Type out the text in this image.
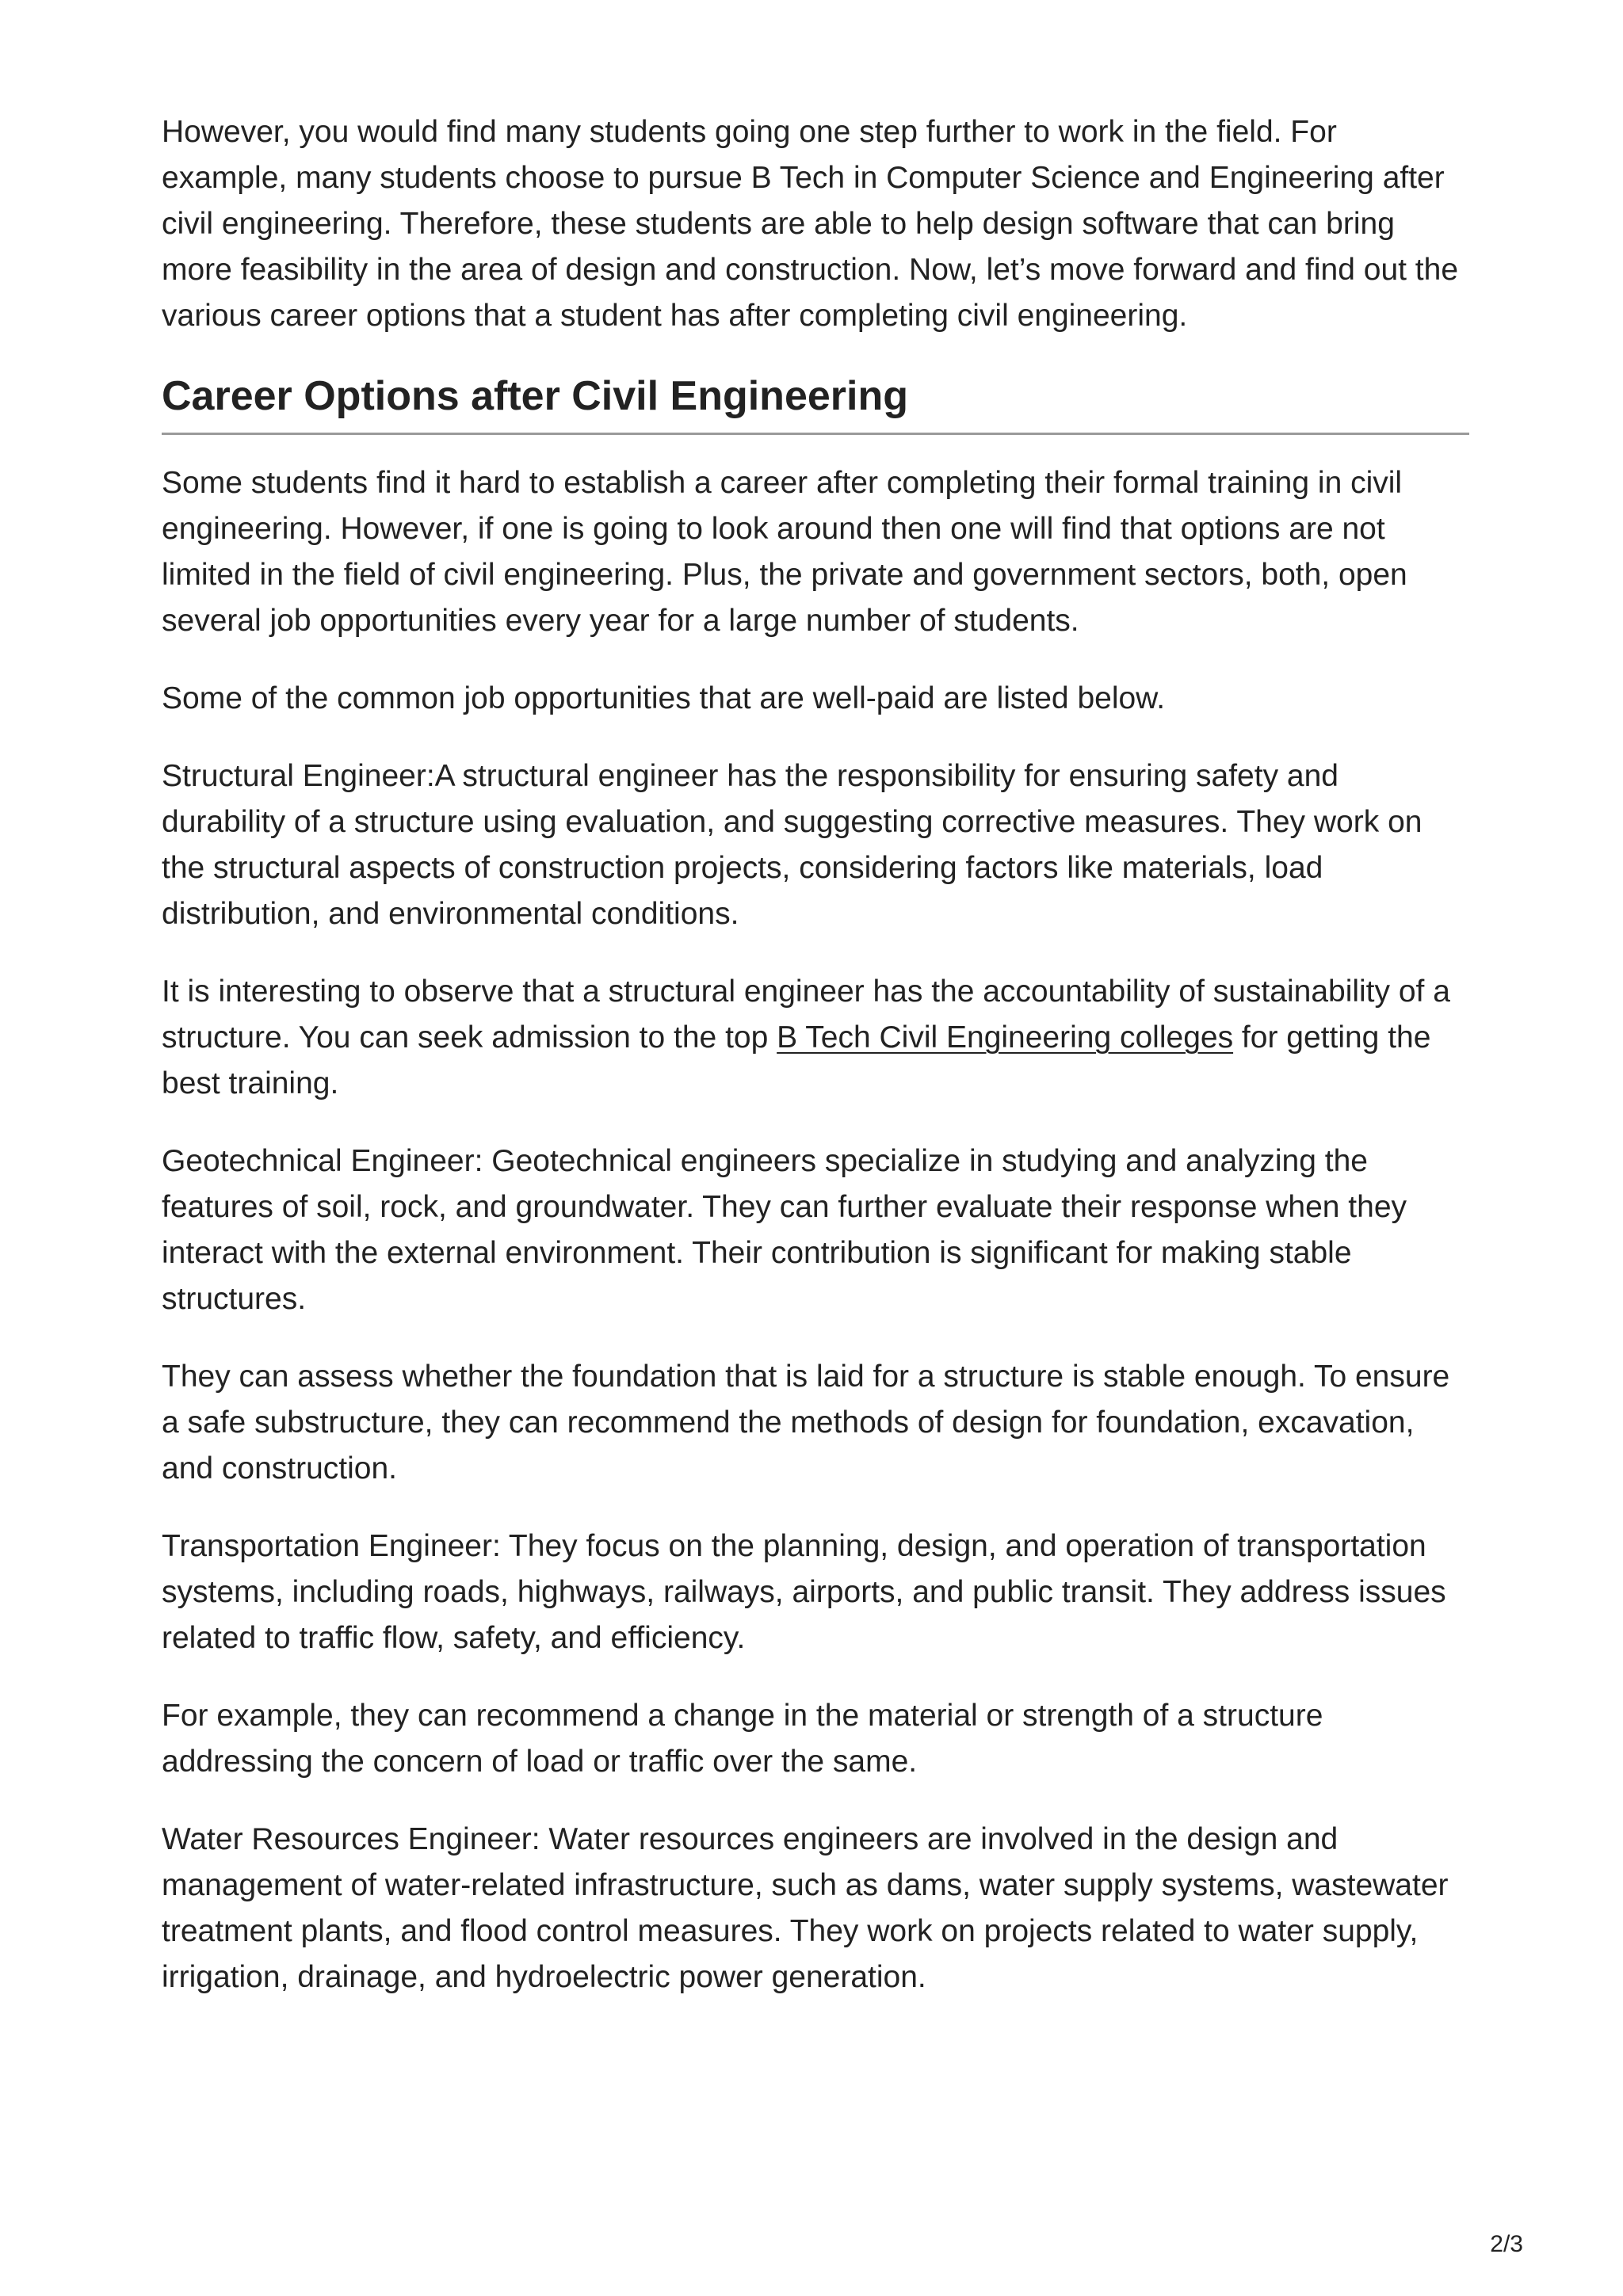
However, you would find many students going one step further to work in the field. For example, many students choose to pursue B Tech in Computer Science and Engineering after civil engineering. Therefore, these students are able to help design software that can bring more feasibility in the area of design and construction. Now, let’s move forward and find out the various career options that a student has after completing civil engineering.

Career Options after Civil Engineering

Some students find it hard to establish a career after completing their formal training in civil engineering. However, if one is going to look around then one will find that options are not limited in the field of civil engineering. Plus, the private and government sectors, both, open several job opportunities every year for a large number of students.

Some of the common job opportunities that are well-paid are listed below.

Structural Engineer:A structural engineer has the responsibility for ensuring safety and durability of a structure using evaluation, and suggesting corrective measures. They work on the structural aspects of construction projects, considering factors like materials, load distribution, and environmental conditions.

It is interesting to observe that a structural engineer has the accountability of sustainability of a structure. You can seek admission to the top B Tech Civil Engineering colleges for getting the best training.

Geotechnical Engineer: Geotechnical engineers specialize in studying and analyzing the features of soil, rock, and groundwater. They can further evaluate their response when they interact with the external environment. Their contribution is significant for making stable structures.

They can assess whether the foundation that is laid for a structure is stable enough. To ensure a safe substructure, they can recommend the methods of design for foundation, excavation, and construction.

Transportation Engineer: They focus on the planning, design, and operation of transportation systems, including roads, highways, railways, airports, and public transit. They address issues related to traffic flow, safety, and efficiency.

For example, they can recommend a change in the material or strength of a structure addressing the concern of load or traffic over the same.

Water Resources Engineer: Water resources engineers are involved in the design and management of water-related infrastructure, such as dams, water supply systems, wastewater treatment plants, and flood control measures. They work on projects related to water supply, irrigation, drainage, and hydroelectric power generation.

2/3
